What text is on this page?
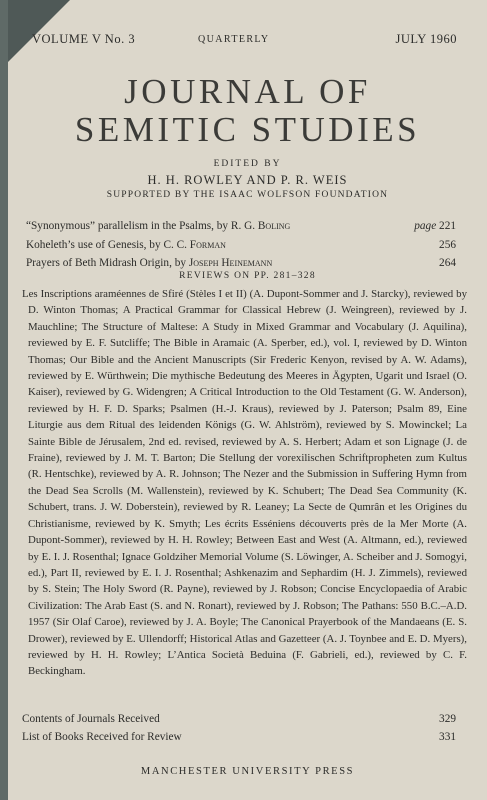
VOLUME V No. 3	QUARTERLY	JULY 1960
JOURNAL OF
SEMITIC STUDIES
EDITED BY
H. H. ROWLEY AND P. R. WEIS
SUPPORTED BY THE ISAAC WOLFSON FOUNDATION
“Synonymous” parallelism in the Psalms, by R. G. Boling	page 221
Koheleth’s use of Genesis, by C. C. Forman	256
Prayers of Beth Midrash Origin, by Joseph Heinemann	264
REVIEWS ON PP. 281–328

Les Inscriptions araméennes de Sfiré (Stèles I et II) (A. Dupont-Sommer and J. Starcky), reviewed by D. Winton Thomas; A Practical Grammar for Classical Hebrew (J. Weingreen), reviewed by J. Mauchline; The Structure of Maltese: A Study in Mixed Grammar and Vocabulary (J. Aquilina), reviewed by E. F. Sutcliffe; The Bible in Aramaic (A. Sperber, ed.), vol. I, reviewed by D. Winton Thomas; Our Bible and the Ancient Manuscripts (Sir Frederic Kenyon, revised by A. W. Adams), reviewed by E. Würthwein; Die mythische Bedeutung des Meeres in Ägypten, Ugarit und Israel (O. Kaiser), reviewed by G. Widengren; A Critical Introduction to the Old Testament (G. W. Anderson), reviewed by H. F. D. Sparks; Psalmen (H.-J. Kraus), reviewed by J. Paterson; Psalm 89, Eine Liturgie aus dem Ritual des leidenden Königs (G. W. Ahlström), reviewed by S. Mowinckel; La Sainte Bible de Jérusalem, 2nd ed. revised, reviewed by A. S. Herbert; Adam et son Lignage (J. de Fraine), reviewed by J. M. T. Barton; Die Stellung der vorexilischen Schriftpropheten zum Kultus (R. Hentschke), reviewed by A. R. Johnson; The Nezer and the Submission in Suffering Hymn from the Dead Sea Scrolls (M. Wallenstein), reviewed by K. Schubert; The Dead Sea Community (K. Schubert, trans. J. W. Doberstein), reviewed by R. Leaney; La Secte de Qumrân et les Origines du Christianisme, reviewed by K. Smyth; Les écrits Esséniens découverts près de la Mer Morte (A. Dupont-Sommer), reviewed by H. H. Rowley; Between East and West (A. Altmann, ed.), reviewed by E. I. J. Rosenthal; Ignace Goldziher Memorial Volume (S. Löwinger, A. Scheiber and J. Somogyi, ed.), Part II, reviewed by E. I. J. Rosenthal; Ashkenazim and Sephardim (H. J. Zimmels), reviewed by S. Stein; The Holy Sword (R. Payne), reviewed by J. Robson; Concise Encyclopaedia of Arabic Civilization: The Arab East (S. and N. Ronart), reviewed by J. Robson; The Pathans: 550 B.C.–A.D. 1957 (Sir Olaf Caroe), reviewed by J. A. Boyle; The Canonical Prayerbook of the Mandaeans (E. S. Drower), reviewed by E. Ullendorff; Historical Atlas and Gazetteer (A. J. Toynbee and E. D. Myers), reviewed by H. H. Rowley; L’Antica Società Beduina (F. Gabrieli, ed.), reviewed by C. F. Beckingham.

Contents of Journals Received	329
List of Books Received for Review	331
MANCHESTER UNIVERSITY PRESS
